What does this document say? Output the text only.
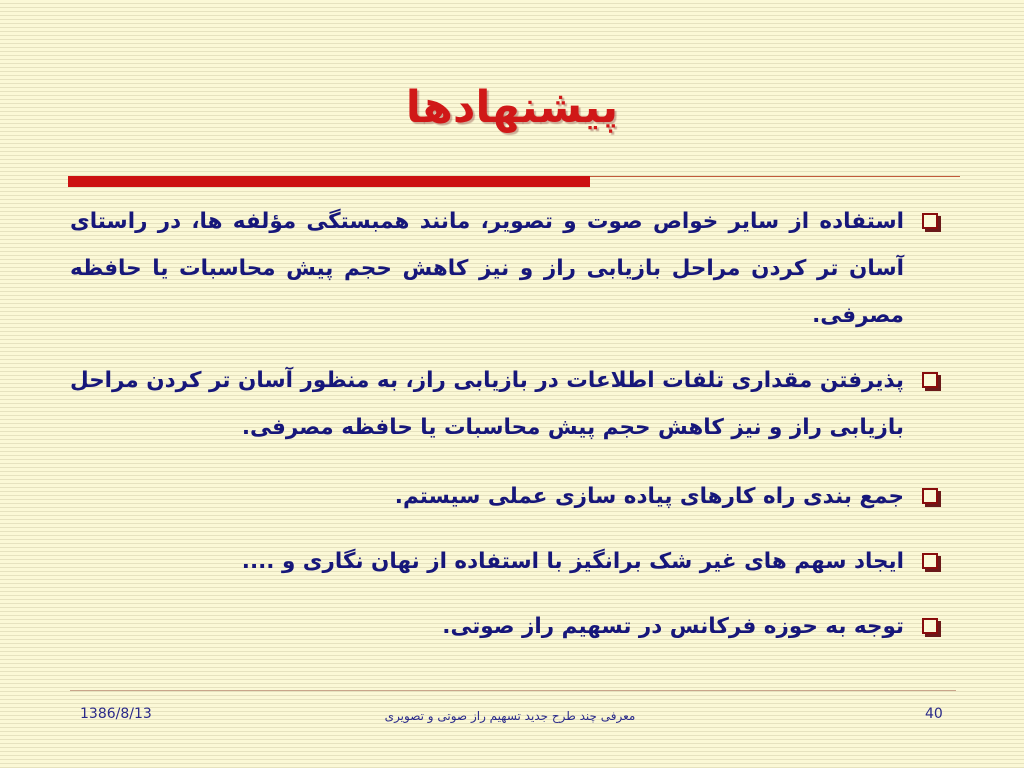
پیشنهادها
استفاده از سایر خواص صوت و تصویر، مانند همبستگی مؤلفه ها، در راستای آسان تر کردن مراحل بازیابی راز و نیز کاهش حجم پیش محاسبات یا حافظه مصرفی.
پذیرفتن مقداری تلفات اطلاعات در بازیابی راز، به منظور آسان تر کردن مراحل بازیابی راز و نیز کاهش حجم پیش محاسبات یا حافظه مصرفی.
جمع بندی راه کارهای پیاده سازی عملی سیستم.
ایجاد سهم های غیر شک برانگیز با استفاده از نهان نگاری و ....
توجه به حوزه فرکانس در تسهیم راز صوتی.
1386/8/13	معرفی چند طرح جدید تسهیم راز صوتی و تصویری	40
